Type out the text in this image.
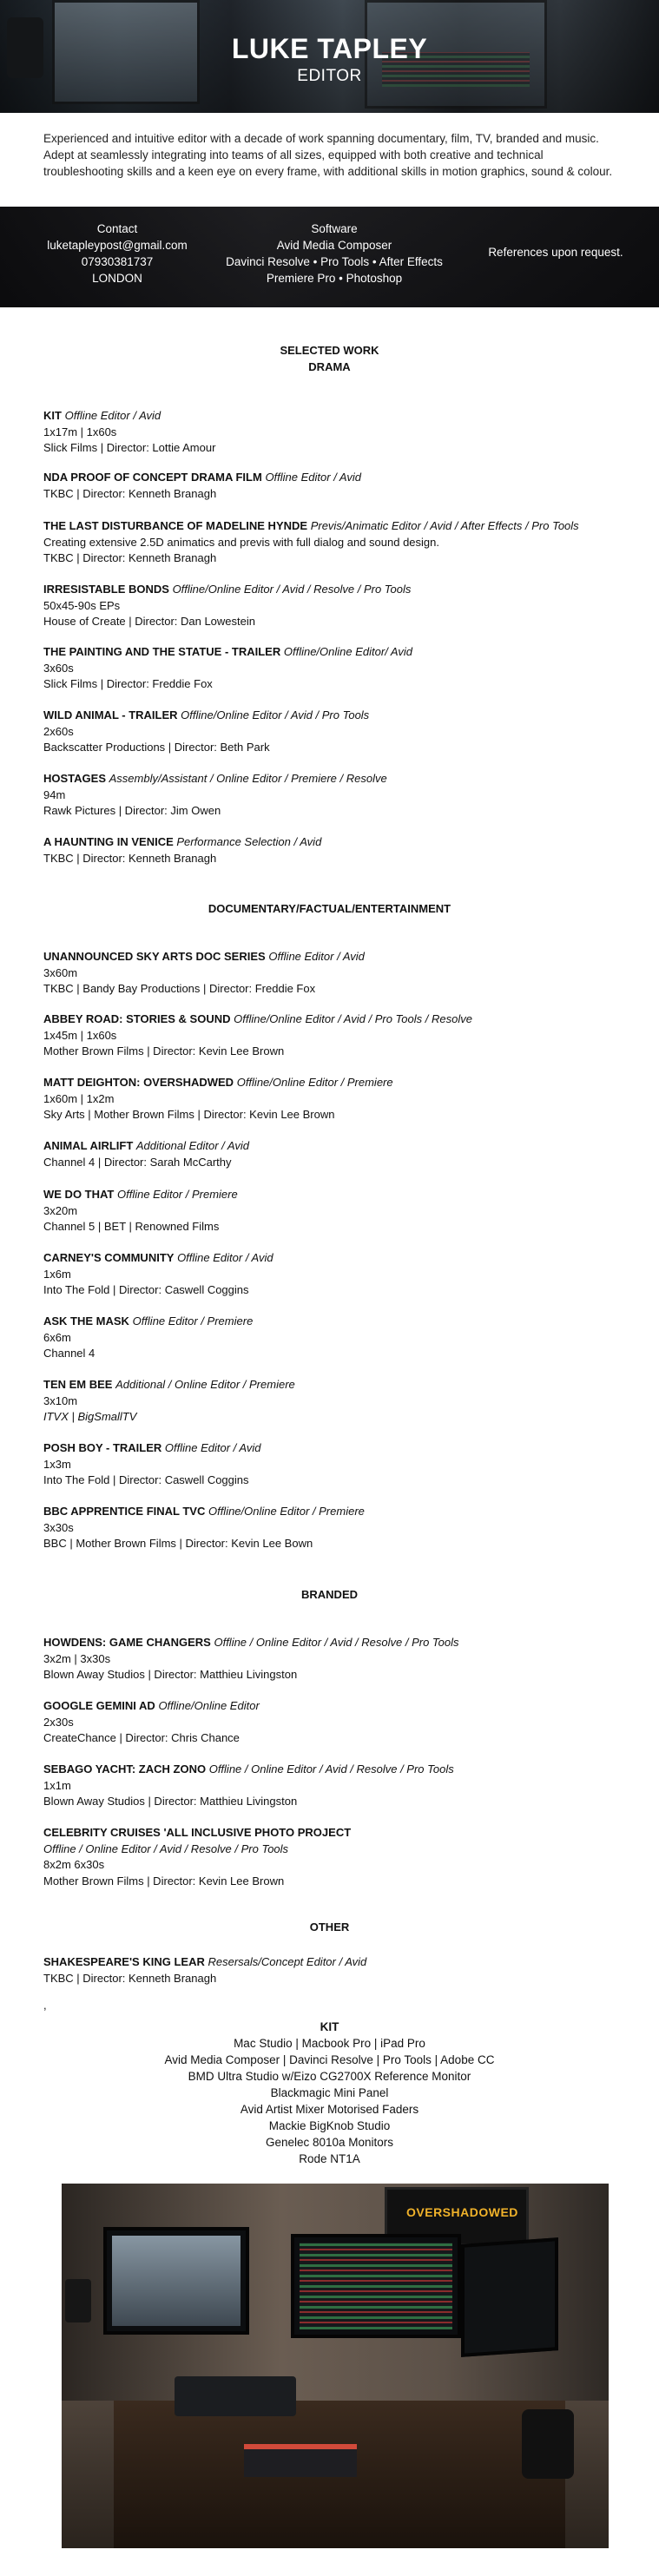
LUKE TAPLEY
EDITOR

Experienced and intuitive editor with a decade of work spanning documentary, film, TV, branded and music. Adept at seamlessly integrating into teams of all sizes, equipped with both creative and technical troubleshooting skills and a keen eye on every frame, with additional skills in motion graphics, sound & colour.

Contact
luketapleypost@gmail.com
07930381737
LONDON
Software
Avid Media Composer
Davinci Resolve • Pro Tools • After Effects
Premiere Pro • Photoshop
References upon request.
SELECTED WORK
DRAMA
KIT Offline Editor / Avid
1x17m | 1x60s
Slick Films | Director: Lottie Amour
NDA PROOF OF CONCEPT DRAMA FILM Offline Editor / Avid
TKBC | Director: Kenneth Branagh
THE LAST DISTURBANCE OF MADELINE HYNDE Previs/Animatic Editor / Avid / After Effects / Pro Tools
Creating extensive 2.5D animatics and previs with full dialog and sound design.
TKBC | Director: Kenneth Branagh
IRRESISTABLE BONDS Offline/Online Editor / Avid / Resolve / Pro Tools
50x45-90s EPs
House of Create | Director: Dan Lowestein
THE PAINTING AND THE STATUE - TRAILER Offline/Online Editor/ Avid
3x60s
Slick Films | Director: Freddie Fox
WILD ANIMAL - TRAILER Offline/Online Editor / Avid / Pro Tools
2x60s
Backscatter Productions | Director: Beth Park
HOSTAGES Assembly/Assistant / Online Editor / Premiere / Resolve
94m
Rawk Pictures | Director: Jim Owen
A HAUNTING IN VENICE Performance Selection / Avid
TKBC | Director: Kenneth Branagh
DOCUMENTARY/FACTUAL/ENTERTAINMENT
UNANNOUNCED SKY ARTS DOC SERIES Offline Editor / Avid
3x60m
TKBC | Bandy Bay Productions | Director: Freddie Fox
ABBEY ROAD: STORIES & SOUND Offline/Online Editor / Avid / Pro Tools / Resolve
1x45m | 1x60s
Mother Brown Films | Director: Kevin Lee Brown
MATT DEIGHTON: OVERSHADWED Offline/Online Editor / Premiere
1x60m | 1x2m
Sky Arts | Mother Brown Films | Director: Kevin Lee Brown
ANIMAL AIRLIFT Additional Editor / Avid
Channel 4 | Director: Sarah McCarthy
WE DO THAT Offline Editor / Premiere
3x20m
Channel 5 | BET | Renowned Films
CARNEY'S COMMUNITY Offline Editor / Avid
1x6m
Into The Fold | Director: Caswell Coggins
ASK THE MASK Offline Editor / Premiere
6x6m
Channel 4
TEN EM BEE Additional / Online Editor / Premiere
3x10m
ITVX | BigSmallTV
POSH BOY - TRAILER Offline Editor / Avid
1x3m
Into The Fold | Director: Caswell Coggins
BBC APPRENTICE FINAL TVC Offline/Online Editor / Premiere
3x30s
BBC | Mother Brown Films | Director: Kevin Lee Bown
BRANDED
HOWDENS: GAME CHANGERS Offline / Online Editor / Avid / Resolve / Pro Tools
3x2m | 3x30s
Blown Away Studios | Director: Matthieu Livingston
GOOGLE GEMINI AD Offline/Online Editor
2x30s
CreateChance | Director: Chris Chance
SEBAGO YACHT: ZACH ZONO Offline / Online Editor / Avid / Resolve / Pro Tools
1x1m
Blown Away Studios | Director: Matthieu Livingston
CELEBRITY CRUISES 'ALL INCLUSIVE PHOTO PROJECT
Offline / Online Editor / Avid / Resolve / Pro Tools
8x2m 6x30s
Mother Brown Films | Director: Kevin Lee Brown
OTHER
SHAKESPEARE'S KING LEAR Resersals/Concept Editor / Avid
TKBC | Director: Kenneth Branagh
,
KIT
Mac Studio | Macbook Pro | iPad Pro
Avid Media Composer | Davinci Resolve | Pro Tools | Adobe CC
BMD Ultra Studio w/Eizo CG2700X Reference Monitor
Blackmagic Mini Panel
Avid Artist Mixer Motorised Faders
Mackie BigKnob Studio
Genelec 8010a Monitors
Rode NT1A
OVERSHADOWED
